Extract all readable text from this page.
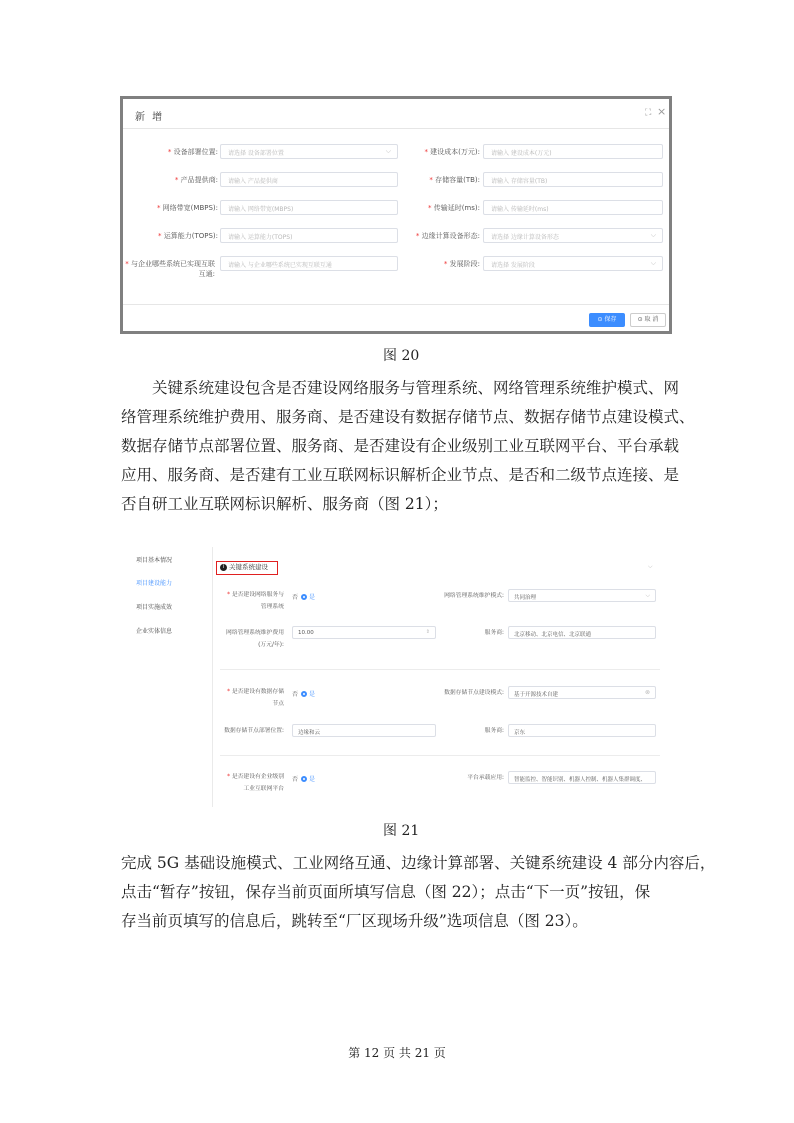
新 增	⛶ ×
* 设备部署位置:	请选择 设备部署位置	⌵	* 建设成本(万元):	请输入 建设成本(万元)
* 产品提供商:	请输入 产品提供商	* 存储容量(TB):	请输入 存储容量(TB)
* 网络带宽(MBPS):	请输入 网络带宽(MBPS)	* 传输延时(ms):	请输入 传输延时(ms)
* 运算能力(TOPS):	请输入 运算能力(TOPS)	* 边缘计算设备形态:	请选择 边缘计算设备形态	⌵
* 与企业哪些系统已实现互联互通:
请输入 与企业哪些系统已实现互联互通	* 发展阶段:	请选择 发展阶段	⌵
⊙ 保存	⊙ 取 消
图 20
关键系统建设包含是否建设网络服务与管理系统、网络管理系统维护模式、网
络管理系统维护费用、服务商、是否建设有数据存储节点、数据存储节点建设模式、
数据存储节点部署位置、服务商、是否建设有企业级别工业互联网平台、平台承载
应用、服务商、是否建有工业互联网标识解析企业节点、是否和二级节点连接、是
否自研工业互联网标识解析、服务商（图 21）；
项目基本情况
项目建设能力
项目实施成效
企业实体信息
i 关键系统建设	⌵
* 是否建设网络服务与
管理系统
否 是	网络管理系统维护模式:	共同治理	⌵
网络管理系统维护费用
(万元/年):
10.00	⇕	服务商:	北京移动、北京电信、北京联通
* 是否建设有数据存储
节点
否 是	数据存储节点建设模式:	基于开源技术自建	⊗
数据存储节点部署位置:	边缘和云	服务商:	京东
* 是否建设有企业级别
工业互联网平台
否 是	平台承载应用:	智能监控、智能识别、机器人控制、机器人集群调度、
图 21
完成 5G 基础设施模式、工业网络互通、边缘计算部署、关键系统建设 4 部分内容后，
点击“暂存”按钮，保存当前页面所填写信息（图 22）；点击“下一页”按钮，保
存当前页填写的信息后，跳转至“厂区现场升级”选项信息（图 23）。
第 12 页 共 21 页
